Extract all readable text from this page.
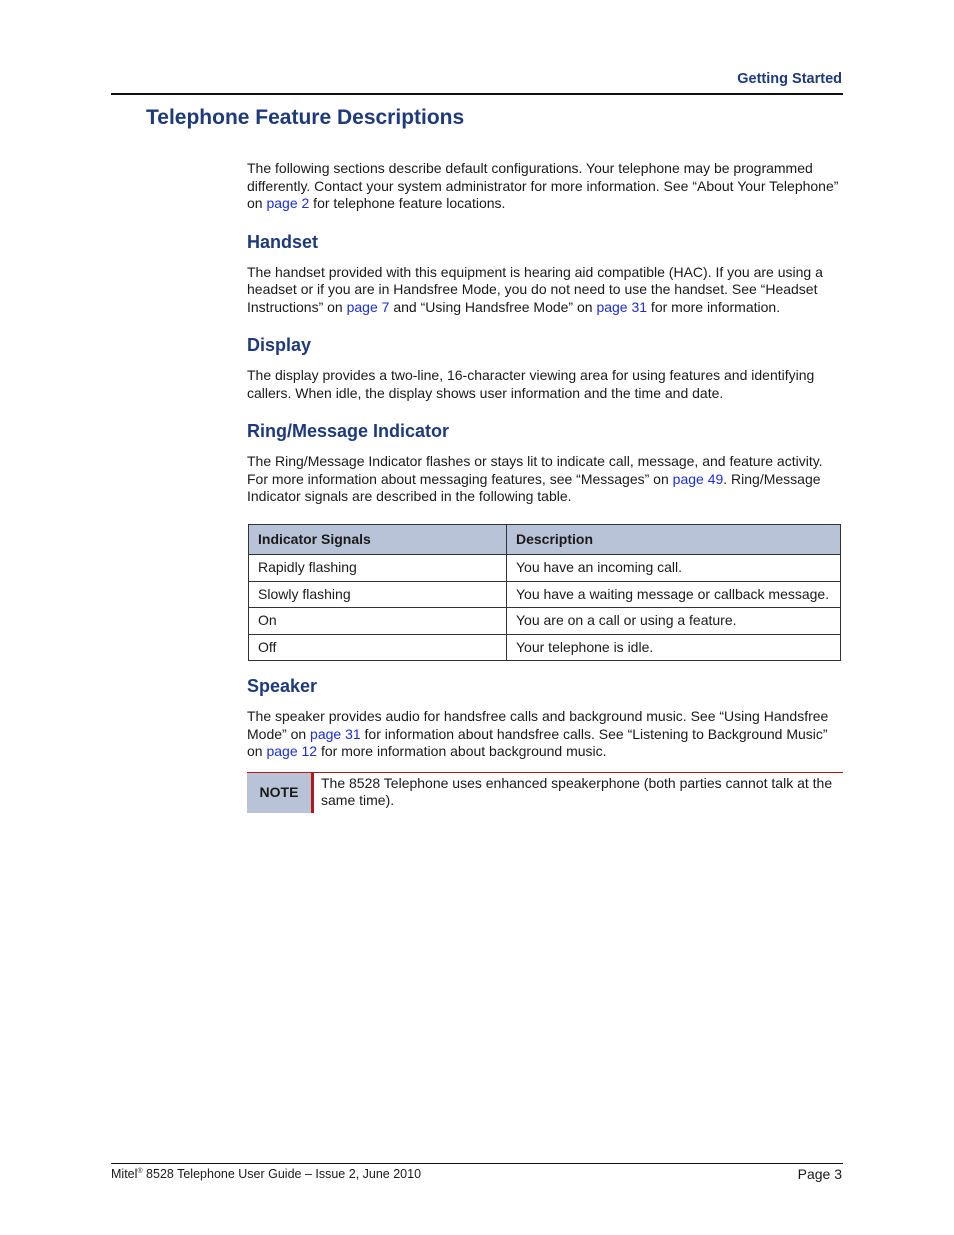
Getting Started
Telephone Feature Descriptions

The following sections describe default configurations. Your telephone may be programmed differently. Contact your system administrator for more information. See “About Your Telephone” on page 2 for telephone feature locations.

Handset

The handset provided with this equipment is hearing aid compatible (HAC). If you are using a headset or if you are in Handsfree Mode, you do not need to use the handset. See “Headset Instructions” on page 7 and “Using Handsfree Mode” on page 31 for more information.

Display

The display provides a two-line, 16-character viewing area for using features and identifying callers. When idle, the display shows user information and the time and date.

Ring/Message Indicator

The Ring/Message Indicator flashes or stays lit to indicate call, message, and feature activity. For more information about messaging features, see “Messages” on page 49. Ring/Message Indicator signals are described in the following table.

Indicator Signals	Description
Rapidly flashing	You have an incoming call.
Slowly flashing	You have a waiting message or callback message.
On	You are on a call or using a feature.
Off	Your telephone is idle.
Speaker

The speaker provides audio for handsfree calls and background music. See “Using Handsfree Mode” on page 31 for information about handsfree calls. See “Listening to Background Music” on page 12 for more information about background music.

NOTE
The 8528 Telephone uses enhanced speakerphone (both parties cannot talk at the same time).
Mitel® 8528 Telephone User Guide – Issue 2, June 2010	Page 3
